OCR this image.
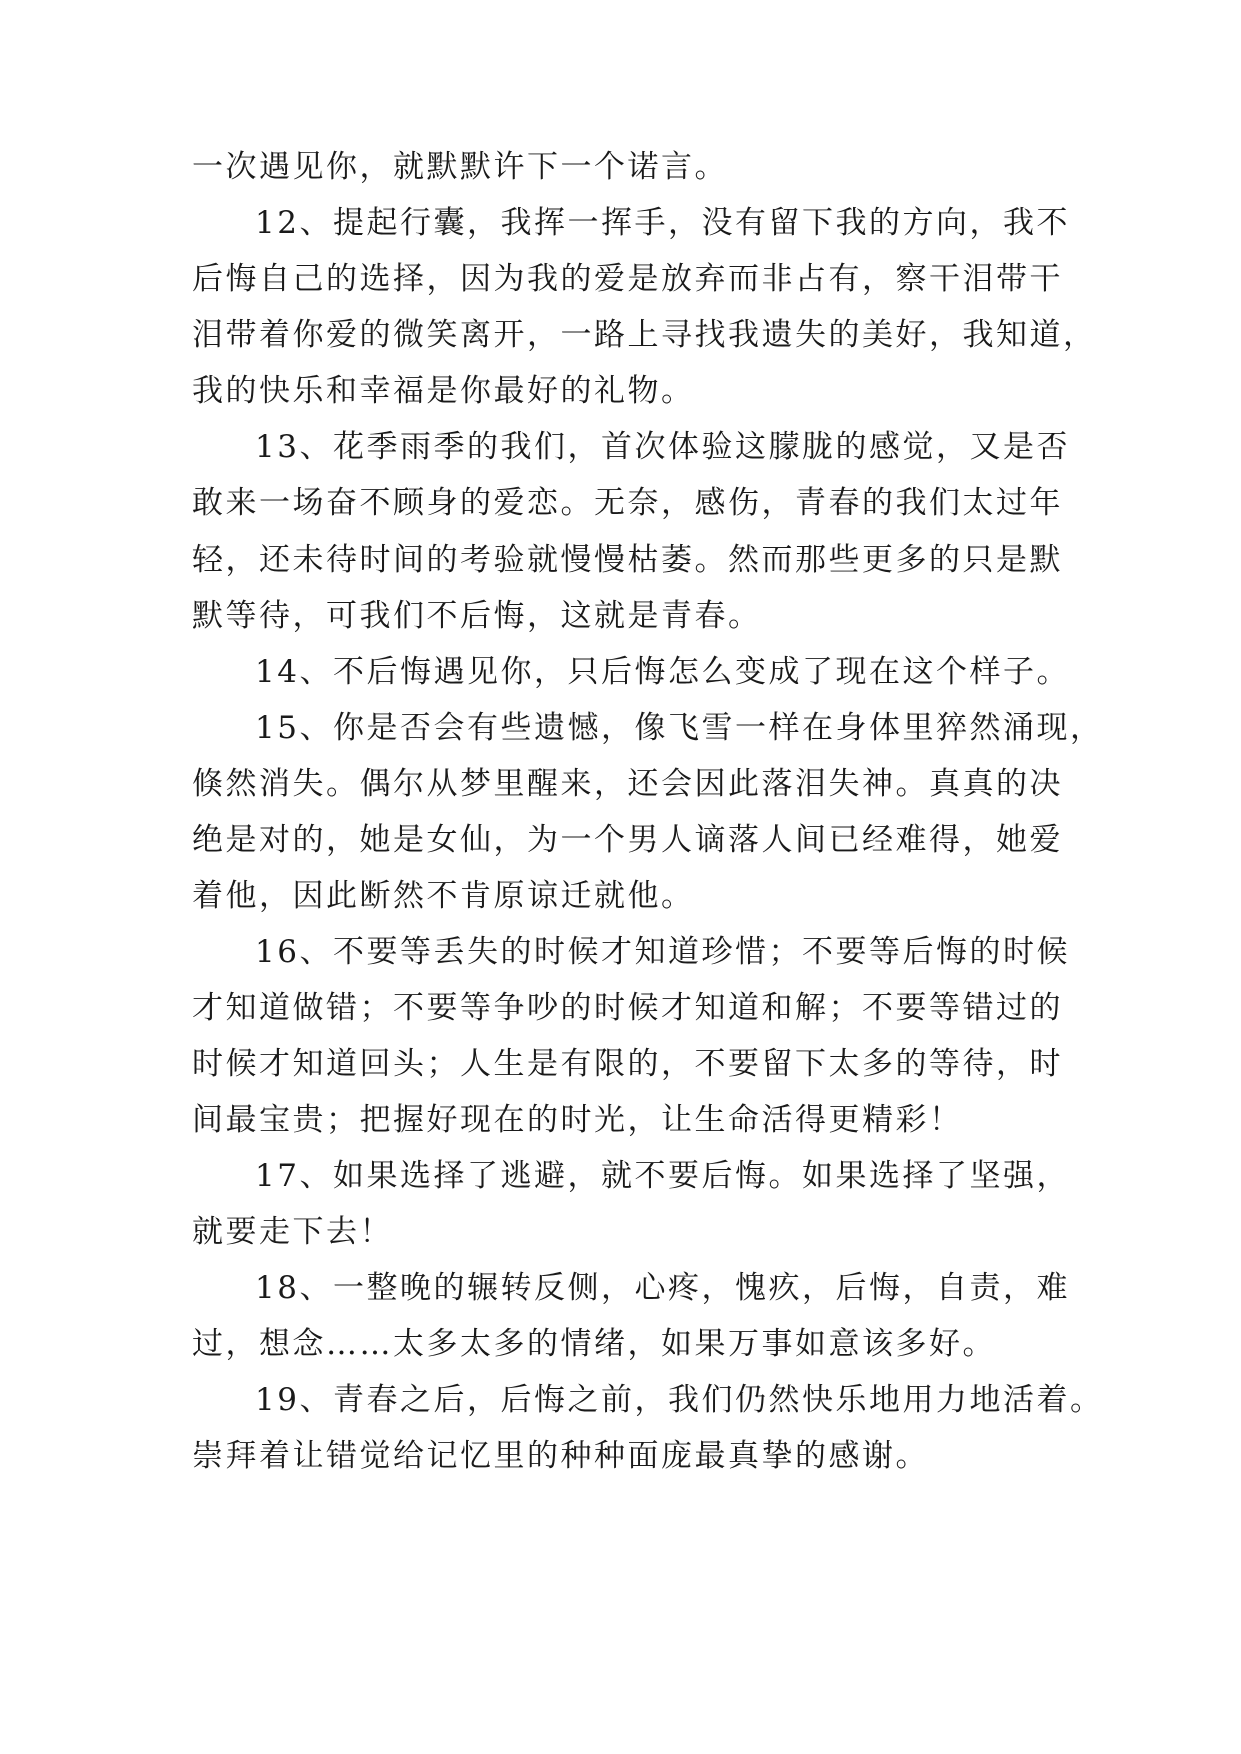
一次遇见你，就默默许下一个诺言。
12、提起行囊，我挥一挥手，没有留下我的方向，我不
后悔自己的选择，因为我的爱是放弃而非占有，察干泪带干
泪带着你爱的微笑离开，一路上寻找我遗失的美好，我知道，
我的快乐和幸福是你最好的礼物。
13、花季雨季的我们，首次体验这朦胧的感觉，又是否
敢来一场奋不顾身的爱恋。无奈，感伤，青春的我们太过年
轻，还未待时间的考验就慢慢枯萎。然而那些更多的只是默
默等待，可我们不后悔，这就是青春。
14、不后悔遇见你，只后悔怎么变成了现在这个样子。
15、你是否会有些遗憾，像飞雪一样在身体里猝然涌现，
倏然消失。偶尔从梦里醒来，还会因此落泪失神。真真的决
绝是对的，她是女仙，为一个男人谪落人间已经难得，她爱
着他，因此断然不肯原谅迁就他。
16、不要等丢失的时候才知道珍惜；不要等后悔的时候
才知道做错；不要等争吵的时候才知道和解；不要等错过的
时候才知道回头；人生是有限的，不要留下太多的等待，时
间最宝贵；把握好现在的时光，让生命活得更精彩！
17、如果选择了逃避，就不要后悔。如果选择了坚强，
就要走下去！
18、一整晚的辗转反侧，心疼，愧疚，后悔，自责，难
过，想念……太多太多的情绪，如果万事如意该多好。
19、青春之后，后悔之前，我们仍然快乐地用力地活着。
崇拜着让错觉给记忆里的种种面庞最真挚的感谢。
